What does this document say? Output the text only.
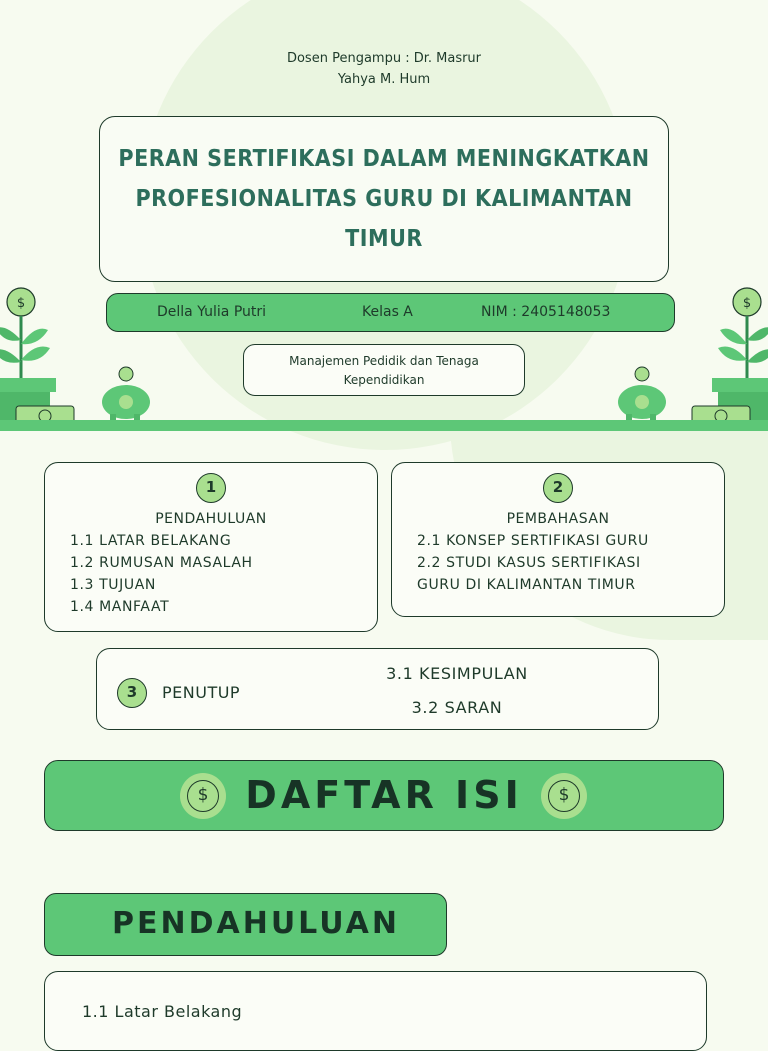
$	$
Dosen Pengampu : Dr. Masrur
Yahya M. Hum
PERAN SERTIFIKASI DALAM MENINGKATKAN PROFESIONALITAS GURU DI KALIMANTAN TIMUR
Della Yulia Putri	Kelas A	NIM : 2405148053
Manajemen Pedidik dan Tenaga Kependidikan
1
PENDAHULUAN
1.1 LATAR BELAKANG
1.2 RUMUSAN MASALAH
1.3 TUJUAN
1.4 MANFAAT
2
PEMBAHASAN
2.1 KONSEP SERTIFIKASI GURU
2.2 STUDI KASUS SERTIFIKASI
GURU DI KALIMANTAN TIMUR
3	PENUTUP
3.1 KESIMPULAN
3.2 SARAN
$ DAFTAR ISI	$
PENDAHULUAN
1.1 Latar Belakang
